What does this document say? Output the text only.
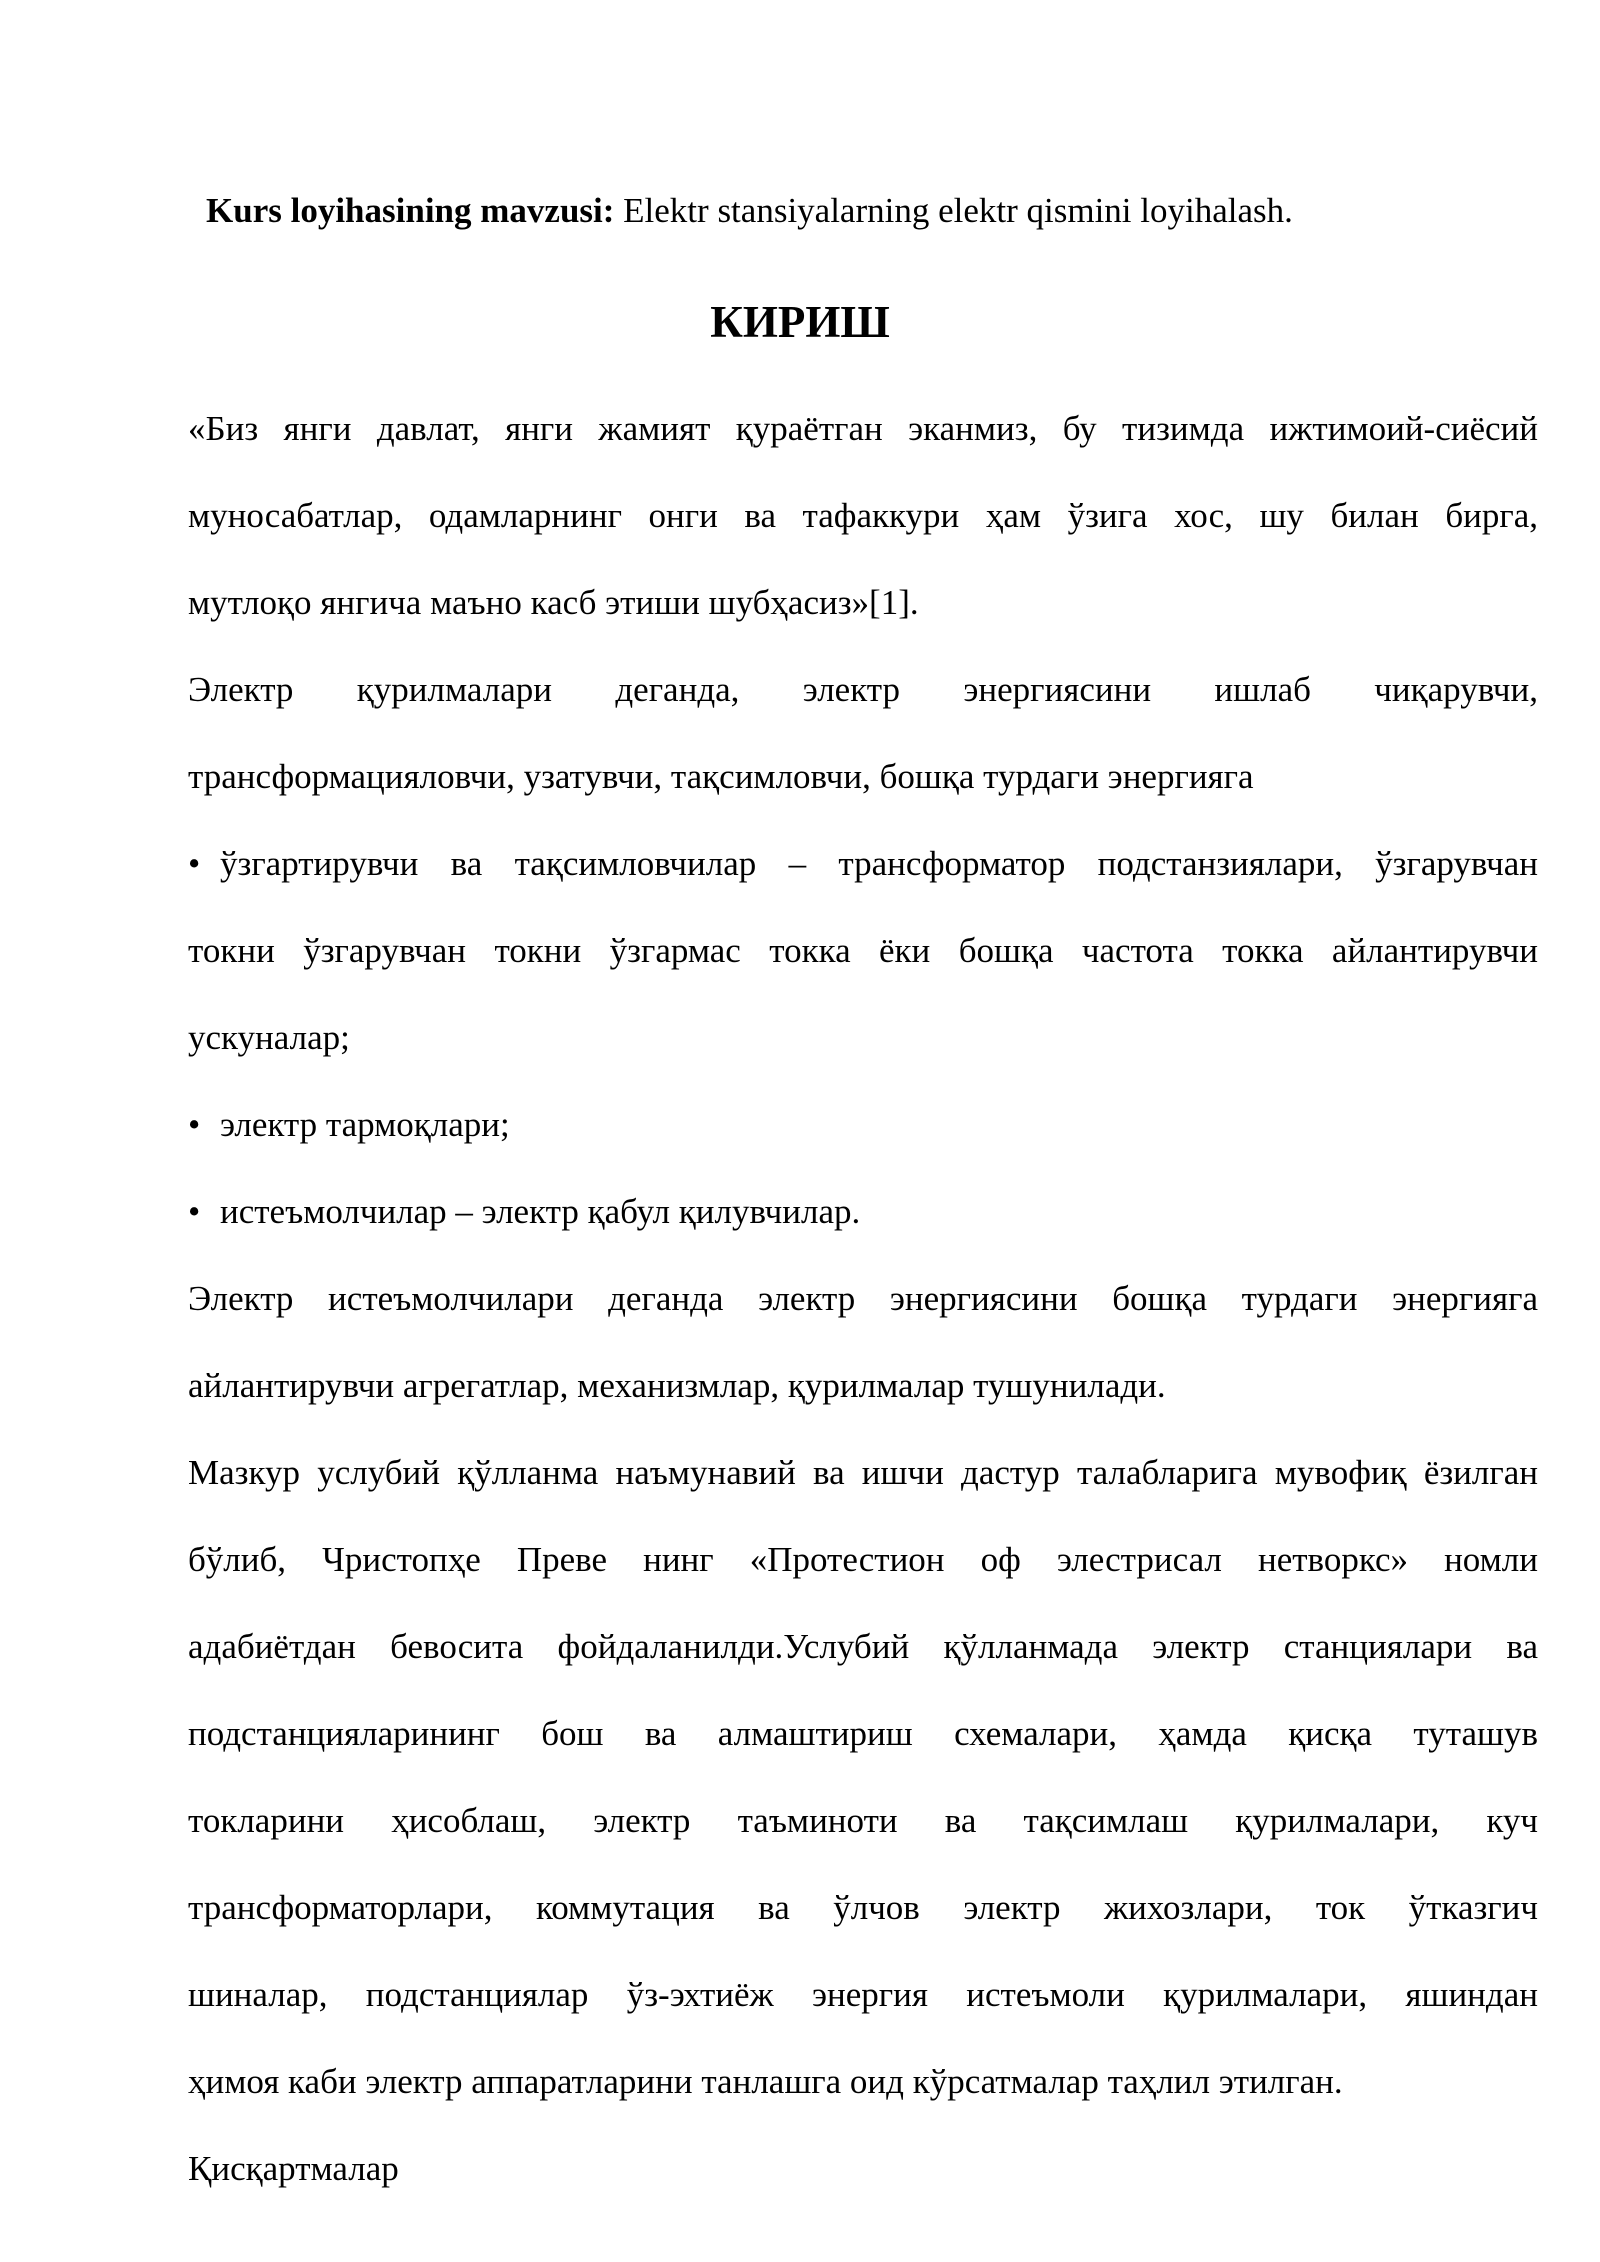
Kurs loyihasining mavzusi: Elektr stansiyalarning elektr qismini loyihalash.
КИРИШ
«Биз янги давлат, янги жамият қураётган эканмиз, бу тизимда ижтимоий-сиёсий
муносабатлар, одамларнинг онги ва тафаккури ҳам ўзига хос, шу билан бирга,
мутлоқо янгича маъно касб этиши шубҳасиз»[1].
Электр қурилмалари деганда, электр энергиясини ишлаб чиқарувчи,
трансформацияловчи, узатувчи, тақсимловчи, бошқа турдаги энергияга
• ўзгартирувчи ва тақсимловчилар – трансформатор подстанзиялари, ўзгарувчан
токни ўзгарувчан токни ўзгармас токка ёки бошқа частота токка айлантирувчи
ускуналар;
• электр тармоқлари;
• истеъмолчилар – электр қабул қилувчилар.
Электр истеъмолчилари деганда электр энергиясини бошқа турдаги энергияга
айлантирувчи агрегатлар, механизмлар, қурилмалар тушунилади.
Мазкур услубий қўлланма наъмунавий ва ишчи дастур талабларига мувофиқ ёзилган
бўлиб, Чристопҳе Преве нинг «Протестион оф элестрисал нетворкс» номли
адабиётдан бевосита фойдаланилди.Услубий қўлланмада электр станциялари ва
подстанцияларининг бош ва алмаштириш схемалари, ҳамда қисқа туташув
токларини ҳисоблаш, электр таъминоти ва тақсимлаш қурилмалари, куч
трансформаторлари, коммутация ва ўлчов электр жихозлари, ток ўтказгич
шиналар, подстанциялар ўз-эхтиёж энергия истеъмоли қурилмалари, яшиндан
ҳимоя каби электр аппаратларини танлашга оид кўрсатмалар таҳлил этилган.
Қисқартмалар
